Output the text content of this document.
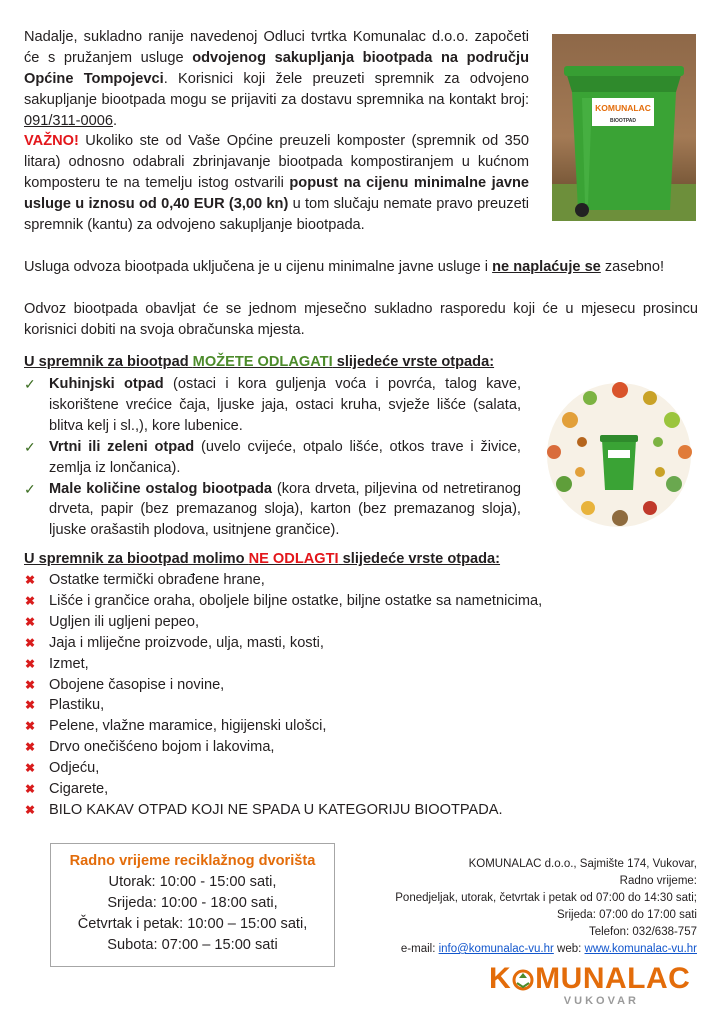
Nadalje, sukladno ranije navedenoj Odluci tvrtka Komunalac d.o.o. započeti će s pružanjem usluge odvojenog sakupljanja biootpada na području Općine Tompojevci. Korisnici koji žele preuzeti spremnik za odvojeno sakupljanje biootpada mogu se prijaviti za dostavu spremnika na kontakt broj: 091/311-0006.

VAŽNO! Ukoliko ste od Vaše Općine preuzeli komposter (spremnik od 350 litara) odnosno odabrali zbrinjavanje biootpada kompostiranjem u kućnom komposteru te na temelju istog ostvarili popust na cijenu minimalne javne usluge u iznosu od 0,40 EUR (3,00 kn) u tom slučaju nemate pravo preuzeti spremnik (kantu) za odvojeno sakupljanje biootpada.

Usluga odvoza biootpada uključena je u cijenu minimalne javne usluge i ne naplaćuje se zasebno!

Odvoz biootpada obavljat će se jednom mjesečno sukladno rasporedu koji će u mjesecu prosincu korisnici dobiti na svoja obračunska mjesta.

KOMUNALAC
BIOOTPAD
U spremnik za biootpad MOŽETE ODLAGATI slijedeće vrste otpada:
✓ Kuhinjski otpad (ostaci i kora guljenja voća i povrća, talog kave, iskorištene vrećice čaja, ljuske jaja, ostaci kruha, svježe lišće (salata, blitva kelj i sl.,), kore lubenice.
✓ Vrtni ili zeleni otpad (uvelo cvijeće, otpalo lišće, otkos trave i živice, zemlja iz lončanica).
✓ Male količine ostalog biootpada (kora drveta, piljevina od netretiranog drveta, papir (bez premazanog sloja), karton (bez premazanog sloja), ljuske orašastih plodova, usitnjene grančice).
U spremnik za biootpad molimo NE ODLAGTI slijedeće vrste otpada:
✖ Ostatke termički obrađene hrane,
✖ Lišće i grančice oraha, oboljele biljne ostatke, biljne ostatke sa nametnicima,
✖ Ugljen ili ugljeni pepeo,
✖ Jaja i mliječne proizvode, ulja, masti, kosti,
✖ Izmet,
✖ Obojene časopise i novine,
✖ Plastiku,
✖ Pelene, vlažne maramice, higijenski ulošci,
✖ Drvo onečišćeno bojom i lakovima,
✖ Odjeću,
✖ Cigarete,
✖ BILO KAKAV OTPAD KOJI NE SPADA U KATEGORIJU BIOOTPADA.
Radno vrijeme reciklažnog dvorišta
Utorak: 10:00 - 15:00 sati,
Srijeda: 10:00 - 18:00 sati,
Četvrtak i petak: 10:00 – 15:00 sati,
Subota: 07:00 – 15:00 sati
KOMUNALAC d.o.o., Sajmište 174, Vukovar,
Radno vrijeme:
Ponedjeljak, utorak, četvrtak i petak od 07:00 do 14:30 sati;
Srijeda: 07:00 do 17:00 sati
Telefon: 032/638-757
e-mail: info@komunalac-vu.hr web: www.komunalac-vu.hr
K MUNALAC
VUKOVAR
